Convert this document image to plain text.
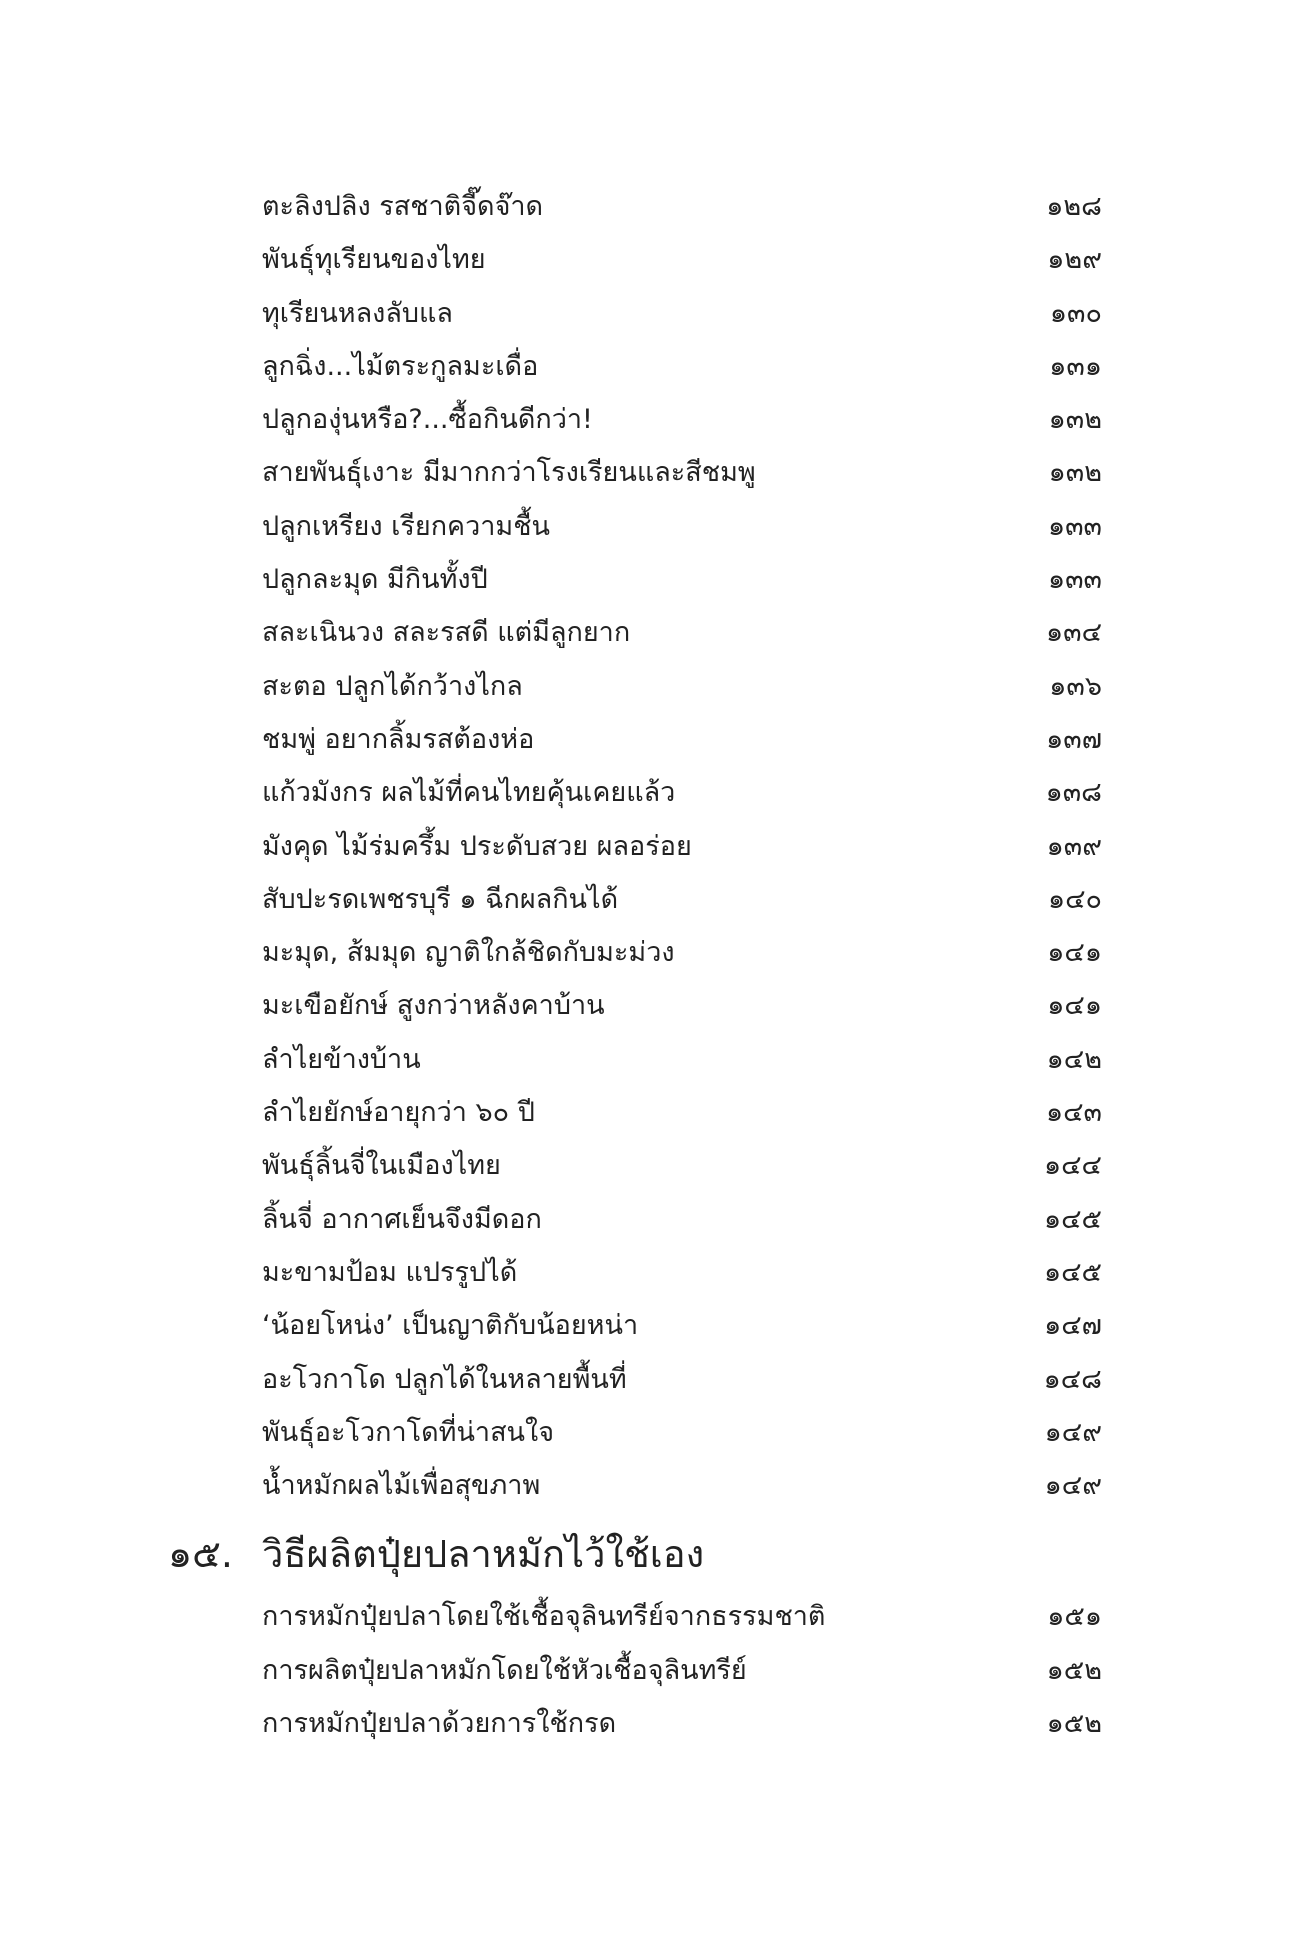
ตะลิงปลิง รสชาติจี๊ดจ๊าด	๑๒๘
พันธุ์ทุเรียนของไทย	๑๒๙
ทุเรียนหลงลับแล	๑๓๐
ลูกฉิ่ง...ไม้ตระกูลมะเดื่อ	๑๓๑
ปลูกองุ่นหรือ?...ซื้อกินดีกว่า!	๑๓๒
สายพันธุ์เงาะ มีมากกว่าโรงเรียนและสีชมพู	๑๓๒
ปลูกเหรียง เรียกความชื้น	๑๓๓
ปลูกละมุด มีกินทั้งปี	๑๓๓
สละเนินวง สละรสดี แต่มีลูกยาก	๑๓๔
สะตอ ปลูกได้กว้างไกล	๑๓๖
ชมพู่ อยากลิ้มรสต้องห่อ	๑๓๗
แก้วมังกร ผลไม้ที่คนไทยคุ้นเคยแล้ว	๑๓๘
มังคุด ไม้ร่มครึ้ม ประดับสวย ผลอร่อย	๑๓๙
สับปะรดเพชรบุรี ๑ ฉีกผลกินได้	๑๔๐
มะมุด, ส้มมุด ญาติใกล้ชิดกับมะม่วง	๑๔๑
มะเขือยักษ์ สูงกว่าหลังคาบ้าน	๑๔๑
ลำไยข้างบ้าน	๑๔๒
ลำไยยักษ์อายุกว่า ๖๐ ปี	๑๔๓
พันธุ์ลิ้นจี่ในเมืองไทย	๑๔๔
ลิ้นจี่ อากาศเย็นจึงมีดอก	๑๔๕
มะขามป้อม แปรรูปได้	๑๔๕
‘น้อยโหน่ง’ เป็นญาติกับน้อยหน่า	๑๔๗
อะโวกาโด ปลูกได้ในหลายพื้นที่	๑๔๘
พันธุ์อะโวกาโดที่น่าสนใจ	๑๔๙
น้ำหมักผลไม้เพื่อสุขภาพ	๑๔๙
๑๕. วิธีผลิตปุ๋ยปลาหมักไว้ใช้เอง
การหมักปุ๋ยปลาโดยใช้เชื้อจุลินทรีย์จากธรรมชาติ	๑๕๑
การผลิตปุ๋ยปลาหมักโดยใช้หัวเชื้อจุลินทรีย์	๑๕๒
การหมักปุ๋ยปลาด้วยการใช้กรด	๑๕๒
